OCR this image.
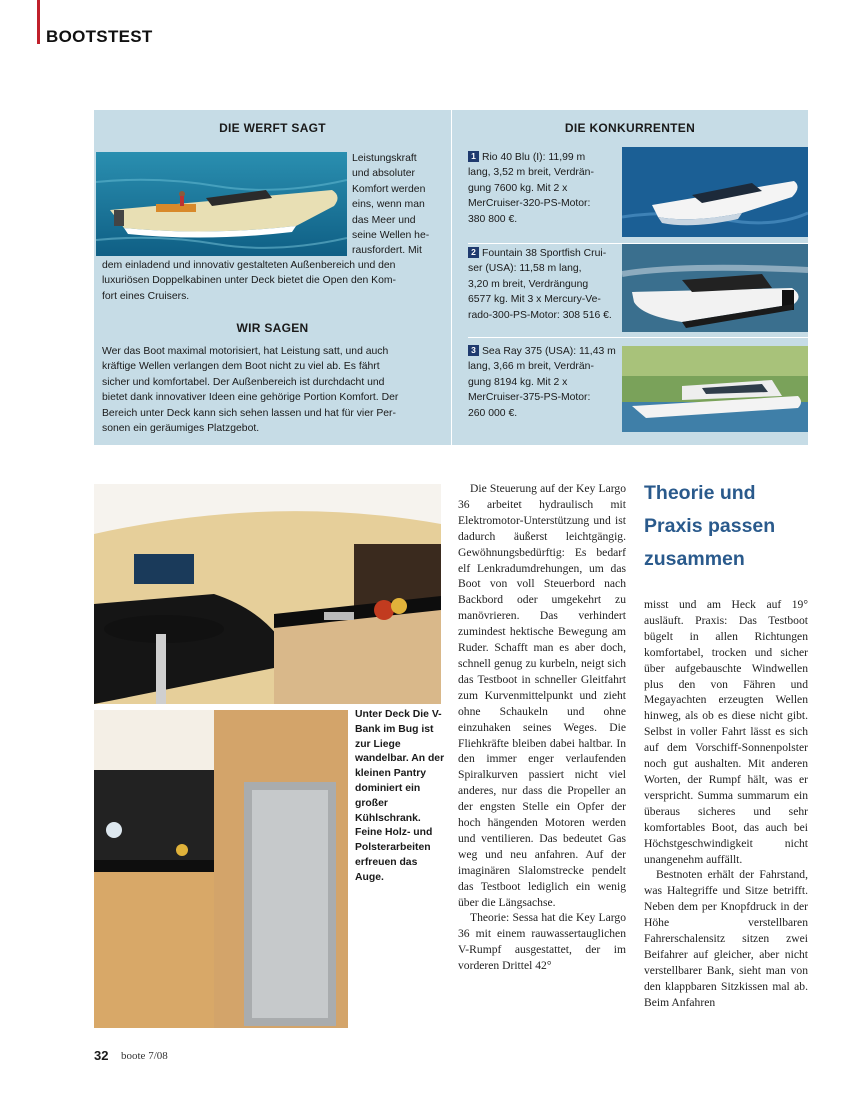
BOOTSTEST
DIE WERFT SAGT
Leistungskraft
und absoluter
Komfort werden
eins, wenn man
das Meer und
seine Wellen he-
rausfordert. Mit
dem einladend und innovativ gestalteten Außenbereich und den
luxuriösen Doppelkabinen unter Deck bietet die Open den Kom-
fort eines Cruisers.
WIR SAGEN
Wer das Boot maximal motorisiert, hat Leistung satt, und auch
kräftige Wellen verlangen dem Boot nicht zu viel ab. Es fährt
sicher und komfortabel. Der Außenbereich ist durchdacht und
bietet dank innovativer Ideen eine gehörige Portion Komfort. Der
Bereich unter Deck kann sich sehen lassen und hat für vier Per-
sonen ein geräumiges Platzgebot.
DIE KONKURRENTEN
1 Rio 40 Blu (I): 11,99 m
lang, 3,52 m breit, Verdrän-
gung 7600 kg. Mit 2 x
MerCruiser-320-PS-Motor:
380 800 €.
2 Fountain 38 Sportfish Crui-
ser (USA): 11,58 m lang,
3,20 m breit, Verdrängung
6577 kg. Mit 3 x Mercury-Ve-
rado-300-PS-Motor: 308 516 €.
3 Sea Ray 375 (USA): 11,43 m
lang, 3,66 m breit, Verdrän-
gung 8194 kg. Mit 2 x
MerCruiser-375-PS-Motor:
260 000 €.
Unter Deck Die V-Bank im Bug ist zur Liege wandelbar. An der kleinen Pantry dominiert ein großer Kühlschrank. Feine Holz- und Polsterarbeiten erfreuen das Auge.

Die Steuerung auf der Key Largo 36 arbeitet hydraulisch mit Elektromotor-Unterstützung und ist dadurch äußerst leichtgängig. Gewöhnungsbedürftig: Es bedarf elf Lenkradumdrehungen, um das Boot von voll Steuerbord nach Backbord oder umgekehrt zu manövrieren. Das verhindert zumindest hektische Bewegung am Ruder. Schafft man es aber doch, schnell genug zu kurbeln, neigt sich das Testboot in schneller Gleitfahrt zum Kurvenmittelpunkt und zieht ohne Schaukeln und ohne einzuhaken seines Weges. Die Fliehkräfte bleiben dabei haltbar. In den immer enger verlaufenden Spiralkurven passiert nicht viel anderes, nur dass die Propeller an der engsten Stelle ein Opfer der hoch hängenden Motoren werden und ventilieren. Das bedeutet Gas weg und neu anfahren. Auf der imaginären Slalomstrecke pendelt das Testboot lediglich ein wenig über die Längsachse.

Theorie: Sessa hat die Key Largo 36 mit einem rauwassertauglichen V-Rumpf ausgestattet, der im vorderen Drittel 42°

Theorie und
Praxis passen
zusammen

misst und am Heck auf 19° ausläuft. Praxis: Das Testboot bügelt in allen Richtungen komfortabel, trocken und sicher über aufgebauschte Windwellen plus den von Fähren und Megayachten erzeugten Wellen hinweg, als ob es diese nicht gibt. Selbst in voller Fahrt lässt es sich auf dem Vorschiff-Sonnenpolster noch gut aushalten. Mit anderen Worten, der Rumpf hält, was er verspricht. Summa summarum ein überaus sicheres und sehr komfortables Boot, das auch bei Höchstgeschwindigkeit nicht unangenehm auffällt.

Bestnoten erhält der Fahrstand, was Haltegriffe und Sitze betrifft. Neben dem per Knopfdruck in der Höhe verstellbaren Fahrerschalensitz sitzen zwei Beifahrer auf gleicher, aber nicht verstellbarer Bank, sieht man von den klappbaren Sitzkissen mal ab. Beim Anfahren

32 boote 7/08
